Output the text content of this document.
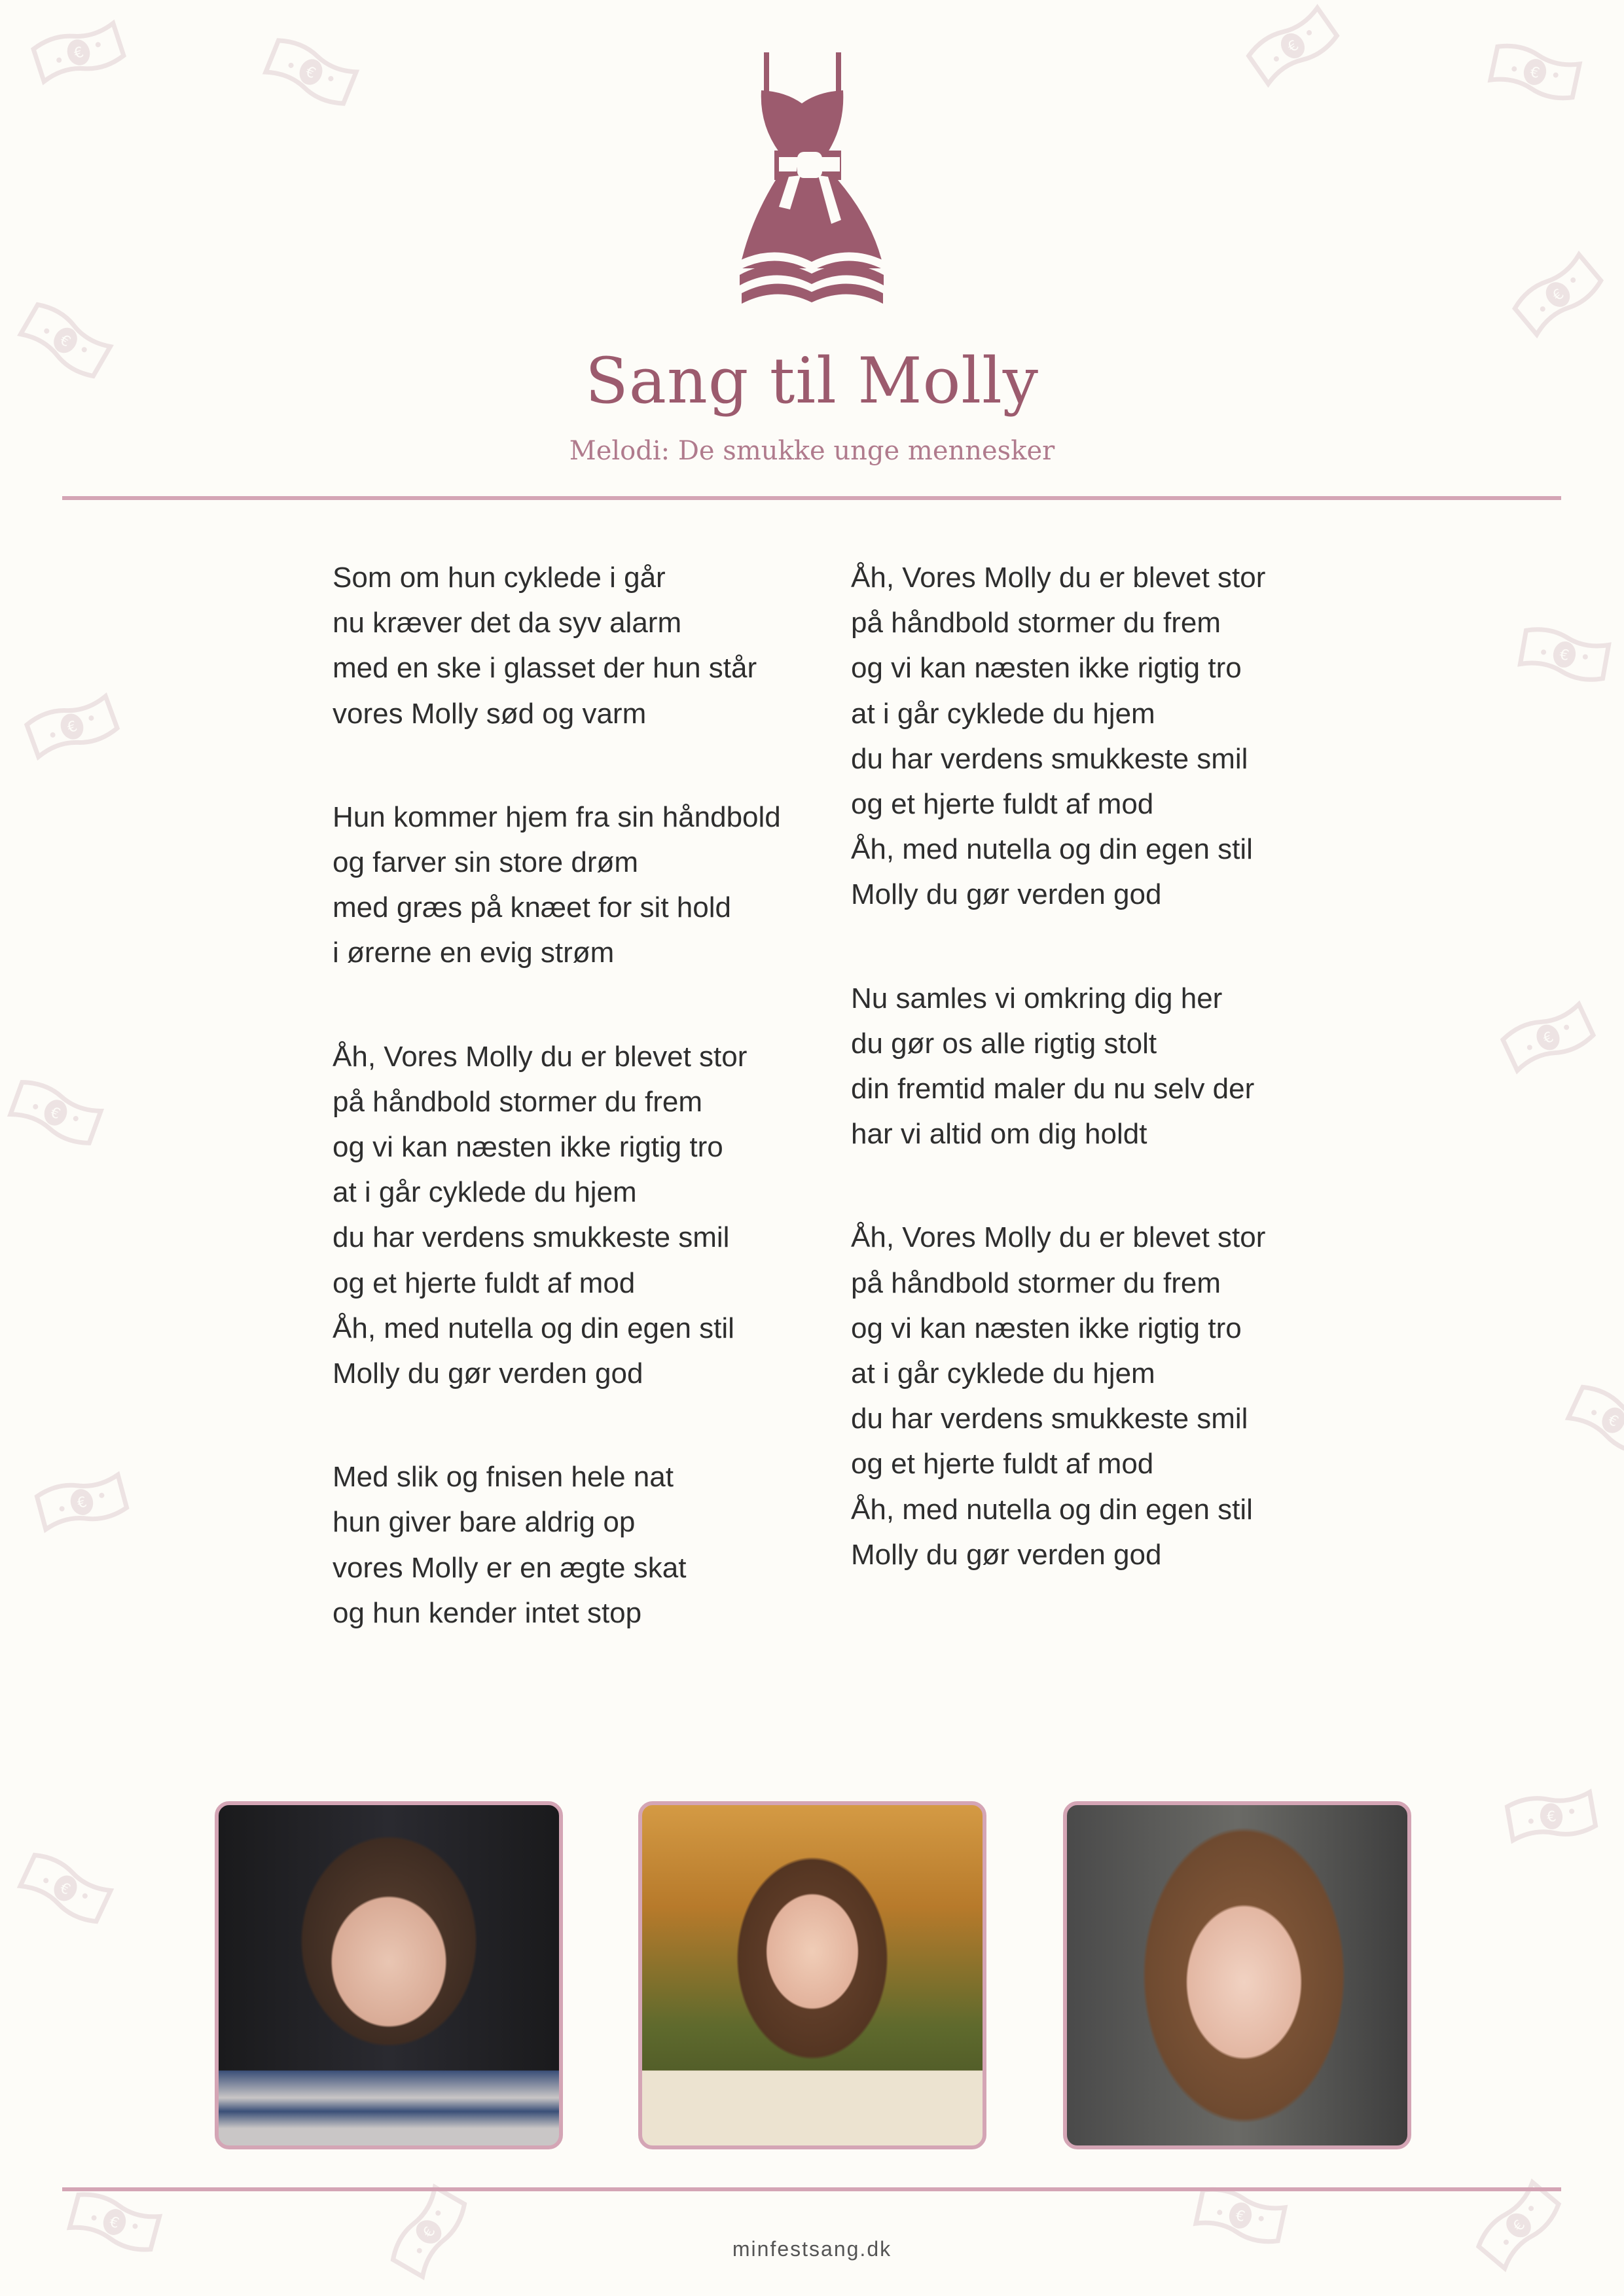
€
€
€
€
€
€
€
€
€
€
€
€
€
€
€
€
€
€
Sang til Molly
Melodi: De smukke unge mennesker
Som om hun cyklede i går
nu kræver det da syv alarm
med en ske i glasset der hun står
vores Molly sød og varm
Hun kommer hjem fra sin håndbold
og farver sin store drøm
med græs på knæet for sit hold
i ørerne en evig strøm
Åh, Vores Molly du er blevet stor
på håndbold stormer du frem
og vi kan næsten ikke rigtig tro
at i går cyklede du hjem
du har verdens smukkeste smil
og et hjerte fuldt af mod
Åh, med nutella og din egen stil
Molly du gør verden god
Med slik og fnisen hele nat
hun giver bare aldrig op
vores Molly er en ægte skat
og hun kender intet stop
Åh, Vores Molly du er blevet stor
på håndbold stormer du frem
og vi kan næsten ikke rigtig tro
at i går cyklede du hjem
du har verdens smukkeste smil
og et hjerte fuldt af mod
Åh, med nutella og din egen stil
Molly du gør verden god
Nu samles vi omkring dig her
du gør os alle rigtig stolt
din fremtid maler du nu selv der
har vi altid om dig holdt
Åh, Vores Molly du er blevet stor
på håndbold stormer du frem
og vi kan næsten ikke rigtig tro
at i går cyklede du hjem
du har verdens smukkeste smil
og et hjerte fuldt af mod
Åh, med nutella og din egen stil
Molly du gør verden god
minfestsang.dk
